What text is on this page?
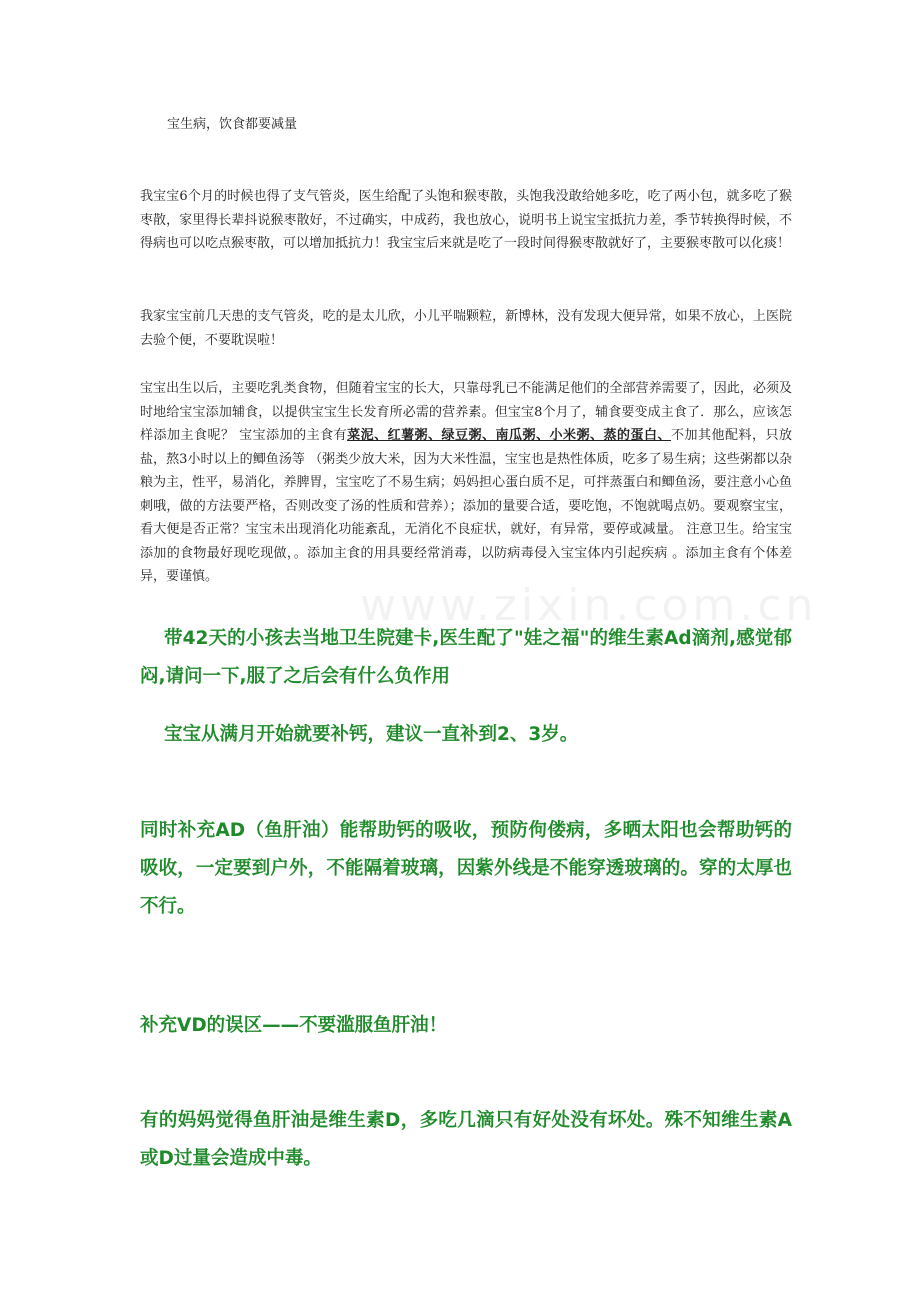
www.zixin.com.cn

宝生病，饮食都要减量

我宝宝6个月的时候也得了支气管炎，医生给配了头饱和猴枣散，头饱我没敢给她多吃，吃了两小包，就多吃了猴枣散，家里得长辈抖说猴枣散好，不过确实，中成药，我也放心，说明书上说宝宝抵抗力差，季节转换得时候，不得病也可以吃点猴枣散，可以增加抵抗力！我宝宝后来就是吃了一段时间得猴枣散就好了，主要猴枣散可以化痰！

我家宝宝前几天患的支气管炎，吃的是太儿欣，小儿平喘颗粒，新博林，没有发现大便异常，如果不放心，上医院去验个便，不要耽误啦！

宝宝出生以后，主要吃乳类食物，但随着宝宝的长大，只靠母乳已不能满足他们的全部营养需要了，因此，必须及时地给宝宝添加辅食，以提供宝宝生长发育所必需的营养素。但宝宝8个月了，辅食要变成主食了．那么，应该怎样添加主食呢？ 宝宝添加的主食有菜泥、红薯粥、绿豆粥、南瓜粥、小米粥、蒸的蛋白、不加其他配料，只放盐，熬3小时以上的鲫鱼汤等 （粥类少放大米，因为大米性温，宝宝也是热性体质，吃多了易生病；这些粥都以杂粮为主，性平，易消化，养脾胃，宝宝吃了不易生病；妈妈担心蛋白质不足，可拌蒸蛋白和鲫鱼汤，要注意小心鱼刺哦，做的方法要严格，否则改变了汤的性质和营养）；添加的量要合适，要吃饱，不饱就喝点奶。要观察宝宝，看大便是否正常？宝宝未出现消化功能紊乱，无消化不良症状，就好，有异常，要停或减量。 注意卫生。给宝宝添加的食物最好现吃现做，。添加主食的用具要经常消毒，以防病毒侵入宝宝体内引起疾病 。添加主食有个体差异，要谨慎。

带42天的小孩去当地卫生院建卡,医生配了"娃之福"的维生素Ad滴剂,感觉郁闷,请问一下,服了之后会有什么负作用

宝宝从满月开始就要补钙，建议一直补到2、3岁。

同时补充AD（鱼肝油）能帮助钙的吸收，预防佝偻病，多晒太阳也会帮助钙的吸收，一定要到户外，不能隔着玻璃，因紫外线是不能穿透玻璃的。穿的太厚也不行。

补充VD的误区——不要滥服鱼肝油！

有的妈妈觉得鱼肝油是维生素D，多吃几滴只有好处没有坏处。殊不知维生素A或D过量会造成中毒。
